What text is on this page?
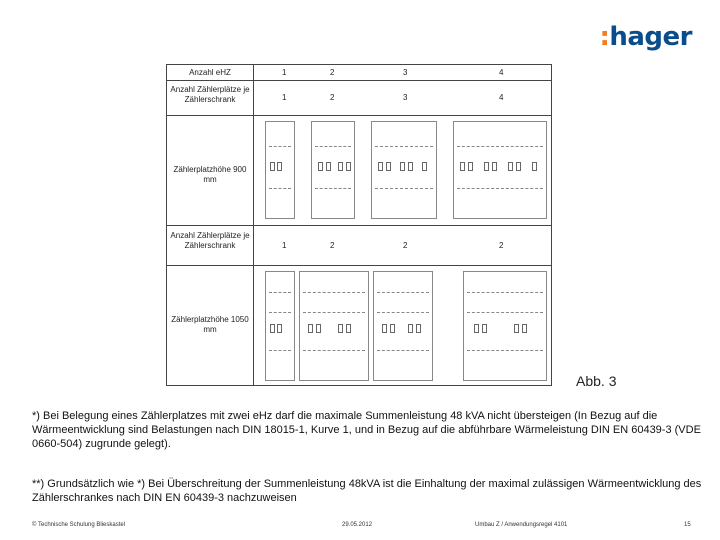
:hager
Anzahl eHZ	1	2	3	4
Anzahl Zählerplätze je Zählerschrank	1	2	3	4
Zählerplatzhöhe 900 mm
Anzahl Zählerplätze je Zählerschrank	1	2	2	2
Zählerplatzhöhe 1050 mm
Abb. 3
*) Bei Belegung eines Zählerplatzes mit zwei eHz darf die maximale Summenleistung 48 kVA nicht übersteigen (In Bezug auf die Wärmeentwicklung sind Belastungen nach DIN 18015-1, Kurve 1, und in Bezug auf die abführbare Wärmeleistung DIN EN 60439-3 (VDE 0660-504) zugrunde gelegt).
**) Grundsätzlich wie *) Bei Überschreitung der Summenleistung 48kVA ist die Einhaltung der maximal zulässigen Wärmeentwicklung des Zählerschrankes nach DIN EN 60439-3 nachzuweisen
© Technische Schulung Blieskastel	29.05.2012	Umbau Z / Anwendungsregel 4101	15
